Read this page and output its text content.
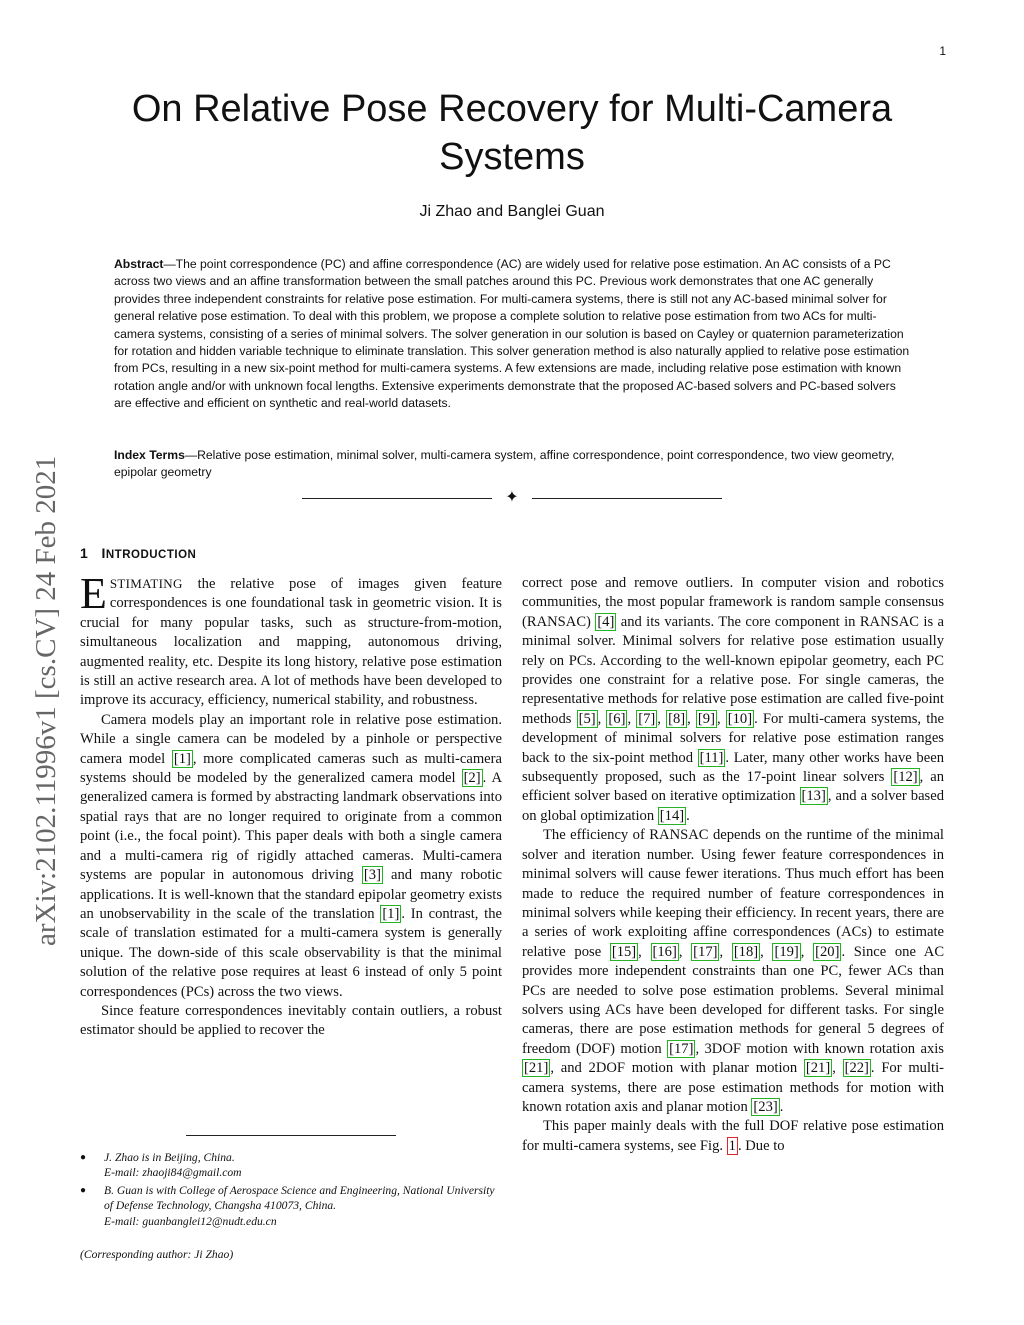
1
On Relative Pose Recovery for Multi-Camera Systems
Ji Zhao and Banglei Guan

Abstract—The point correspondence (PC) and affine correspondence (AC) are widely used for relative pose estimation. An AC consists of a PC across two views and an affine transformation between the small patches around this PC. Previous work demonstrates that one AC generally provides three independent constraints for relative pose estimation. For multi-camera systems, there is still not any AC-based minimal solver for general relative pose estimation. To deal with this problem, we propose a complete solution to relative pose estimation from two ACs for multi-camera systems, consisting of a series of minimal solvers. The solver generation in our solution is based on Cayley or quaternion parameterization for rotation and hidden variable technique to eliminate translation. This solver generation method is also naturally applied to relative pose estimation from PCs, resulting in a new six-point method for multi-camera systems. A few extensions are made, including relative pose estimation with known rotation angle and/or with unknown focal lengths. Extensive experiments demonstrate that the proposed AC-based solvers and PC-based solvers are effective and efficient on synthetic and real-world datasets.

Index Terms—Relative pose estimation, minimal solver, multi-camera system, affine correspondence, point correspondence, two view geometry, epipolar geometry

✦
arXiv:2102.11996v1 [cs.CV] 24 Feb 2021 1 INTRODUCTION

ESTIMATING the relative pose of images given feature correspondences is one foundational task in geometric vision. It is crucial for many popular tasks, such as structure-from-motion, simultaneous localization and mapping, autonomous driving, augmented reality, etc. Despite its long history, relative pose estimation is still an active research area. A lot of methods have been developed to improve its accuracy, efficiency, numerical stability, and robustness.

Camera models play an important role in relative pose estimation. While a single camera can be modeled by a pinhole or perspective camera model [1] , more complicated cameras such as multi-camera systems should be modeled by the generalized camera model [2] . A generalized camera is formed by abstracting landmark observations into spatial rays that are no longer required to originate from a common point (i.e., the focal point). This paper deals with both a single camera and a multi-camera rig of rigidly attached cameras. Multi-camera systems are popular in autonomous driving [3] and many robotic applications. It is well-known that the standard epipolar geometry exists an unobservability in the scale of the translation [1] . In contrast, the scale of translation estimated for a multi-camera system is generally unique. The down-side of this scale observability is that the minimal solution of the relative pose requires at least 6 instead of only 5 point correspondences (PCs) across the two views.

Since feature correspondences inevitably contain outliers, a robust estimator should be applied to recover the

correct pose and remove outliers. In computer vision and robotics communities, the most popular framework is random sample consensus (RANSAC) [4] and its variants. The core component in RANSAC is a minimal solver. Minimal solvers for relative pose estimation usually rely on PCs. According to the well-known epipolar geometry, each PC provides one constraint for a relative pose. For single cameras, the representative methods for relative pose estimation are called five-point methods [5] , [6] , [7] , [8] , [9] , [10] . For multi-camera systems, the development of minimal solvers for relative pose estimation ranges back to the six-point method [11] . Later, many other works have been subsequently proposed, such as the 17-point linear solvers [12] , an efficient solver based on iterative optimization [13] , and a solver based on global optimization [14] .

The efficiency of RANSAC depends on the runtime of the minimal solver and iteration number. Using fewer feature correspondences in minimal solvers will cause fewer iterations. Thus much effort has been made to reduce the required number of feature correspondences in minimal solvers while keeping their efficiency. In recent years, there are a series of work exploiting affine correspondences (ACs) to estimate relative pose [15] , [16] , [17] , [18] , [19] , [20] . Since one AC provides more independent constraints than one PC, fewer ACs than PCs are needed to solve pose estimation problems. Several minimal solvers using ACs have been developed for different tasks. For single cameras, there are pose estimation methods for general 5 degrees of freedom (DOF) motion [17] , 3DOF motion with known rotation axis [21] , and 2DOF motion with planar motion [21] , [22] . For multi-camera systems, there are pose estimation methods for motion with known rotation axis and planar motion [23] .

This paper mainly deals with the full DOF relative pose estimation for multi-camera systems, see Fig. 1 . Due to

● J. Zhao is in Beijing, China.
E-mail: zhaoji84@gmail.com
● B. Guan is with College of Aerospace Science and Engineering, National University of Defense Technology, Changsha 410073, China.
E-mail: guanbanglei12@nudt.edu.cn
(Corresponding author: Ji Zhao)
